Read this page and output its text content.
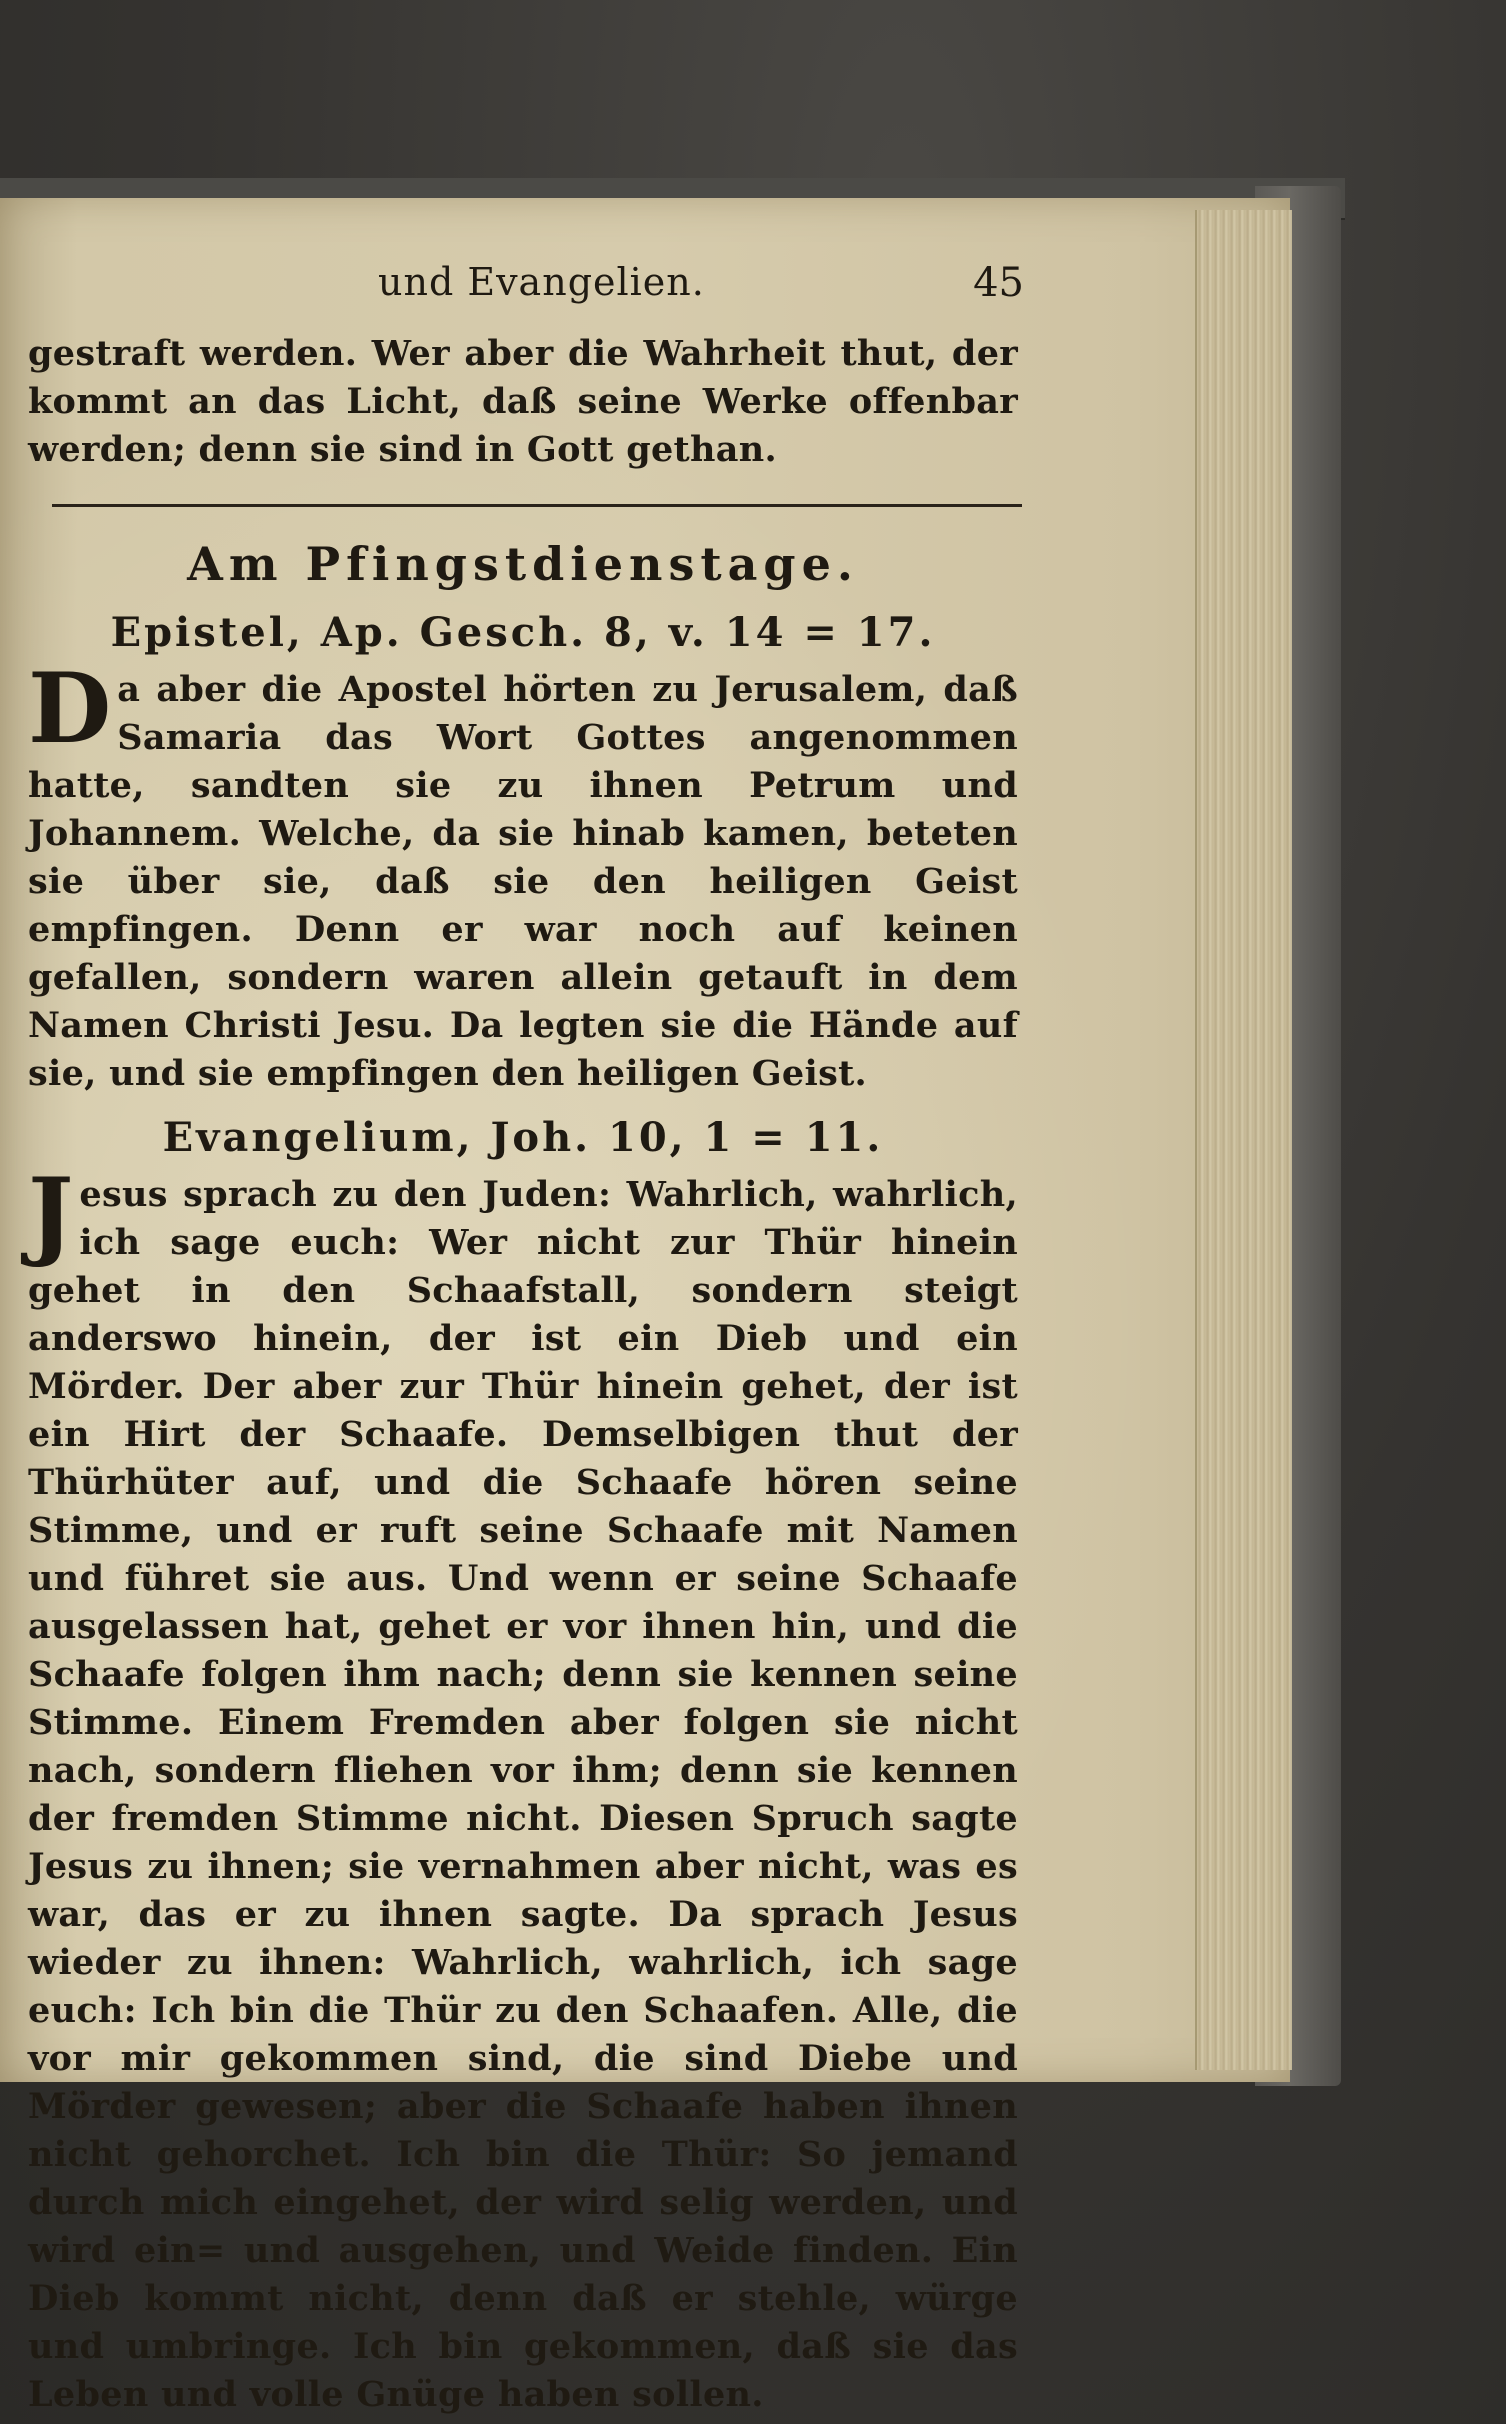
und Evangelien.	45

gestraft werden. Wer aber die Wahrheit thut, der kommt an das Licht, daß seine Werke offenbar werden; denn sie sind in Gott gethan.

Am Pfingstdienstage.
Epistel, Ap. Gesch. 8, v. 14 = 17.
D a aber die Apostel hörten zu Jerusalem, daß Samaria das Wort Gottes angenommen hatte, sandten sie zu ihnen Petrum und Johannem. Welche, da sie hinab kamen, beteten sie über sie, daß sie den heiligen Geist empfingen. Denn er war noch auf keinen gefallen, sondern waren allein getauft in dem Namen Christi Jesu. Da legten sie die Hände auf sie, und sie empfingen den heiligen Geist.

Evangelium, Joh. 10, 1 = 11.
J esus sprach zu den Juden: Wahrlich, wahrlich, ich sage euch: Wer nicht zur Thür hinein gehet in den Schaafstall, sondern steigt anderswo hinein, der ist ein Dieb und ein Mörder. Der aber zur Thür hinein gehet, der ist ein Hirt der Schaafe. Demselbigen thut der Thürhüter auf, und die Schaafe hören seine Stimme, und er ruft seine Schaafe mit Namen und führet sie aus. Und wenn er seine Schaafe ausgelassen hat, gehet er vor ihnen hin, und die Schaafe folgen ihm nach; denn sie kennen seine Stimme. Einem Fremden aber folgen sie nicht nach, sondern fliehen vor ihm; denn sie kennen der fremden Stimme nicht. Diesen Spruch sagte Jesus zu ihnen; sie vernahmen aber nicht, was es war, das er zu ihnen sagte. Da sprach Jesus wieder zu ihnen: Wahrlich, wahrlich, ich sage euch: Ich bin die Thür zu den Schaafen. Alle, die vor mir gekommen sind, die sind Diebe und Mörder gewesen; aber die Schaafe haben ihnen nicht gehorchet. Ich bin die Thür: So jemand durch mich eingehet, der wird selig werden, und wird ein= und ausgehen, und Weide finden. Ein Dieb kommt nicht, denn daß er stehle, würge und umbringe. Ich bin gekommen, daß sie das Leben und volle Gnüge haben sollen.
